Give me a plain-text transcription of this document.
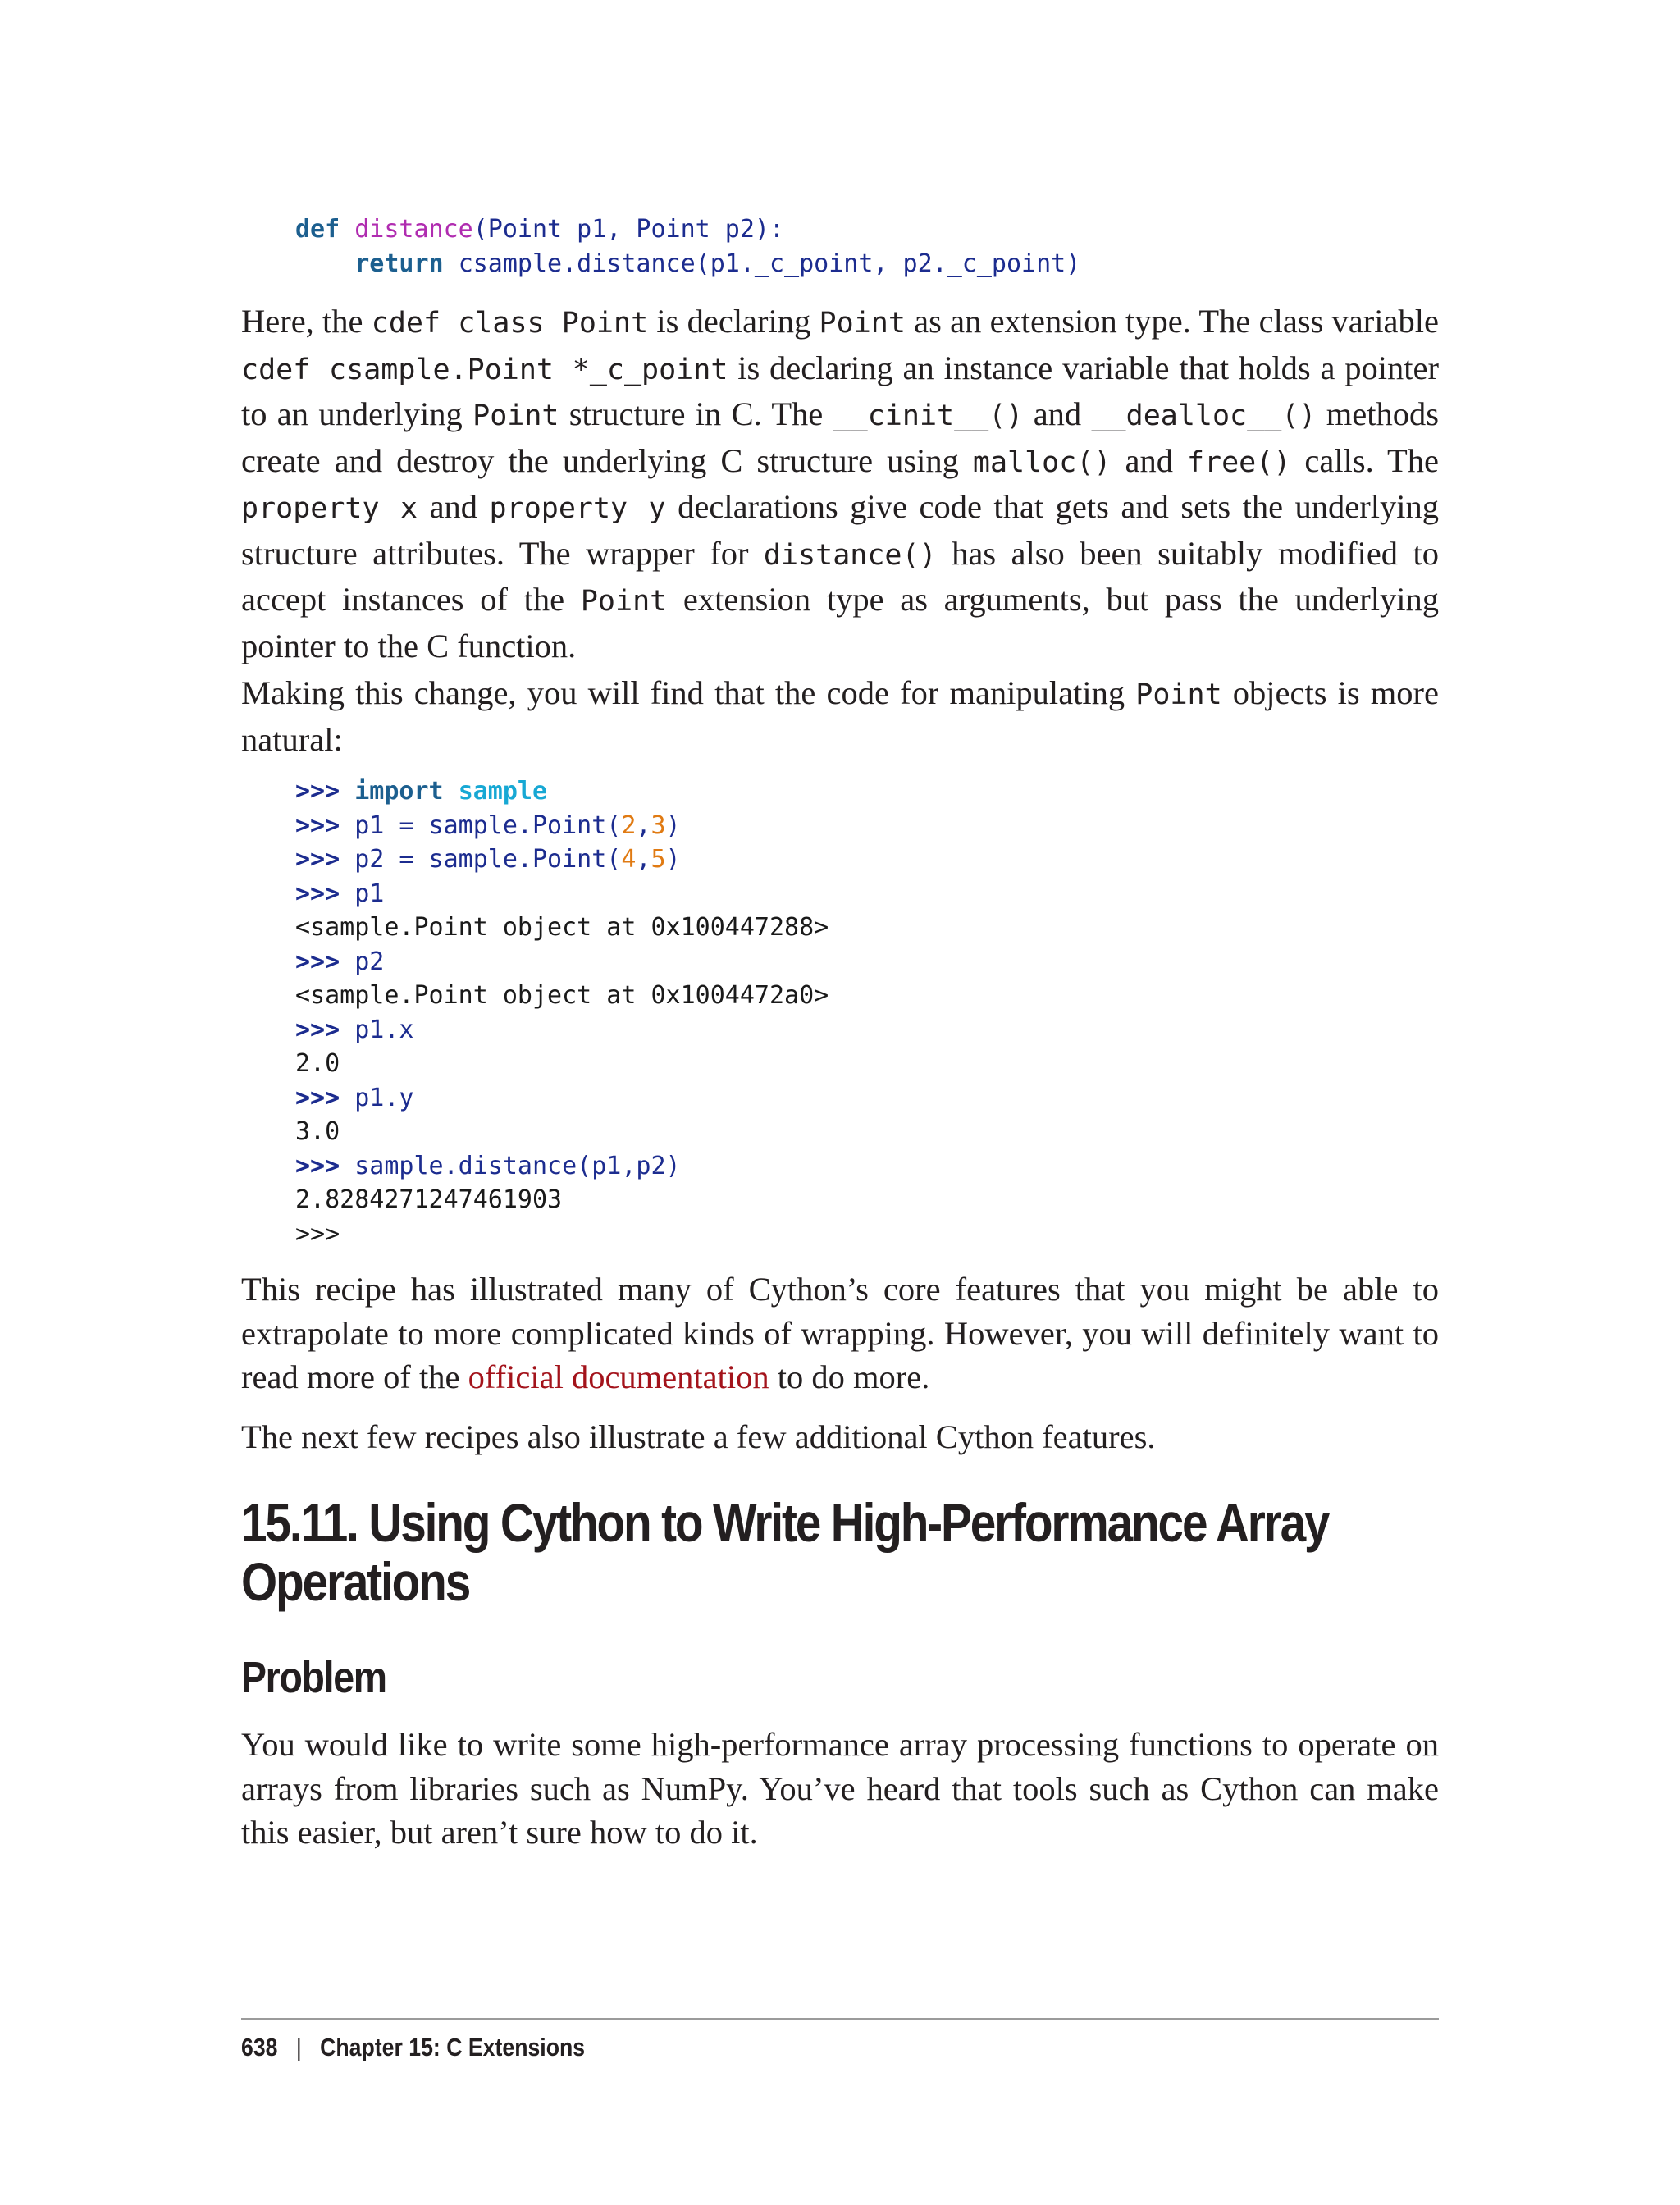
def distance(Point p1, Point p2):
return csample.distance(p1._c_point, p2._c_point)

Here, the cdef class Point is declaring Point as an extension type. The class variable cdef csample.Point *_c_point is declaring an instance variable that holds a pointer to an underlying Point structure in C. The __cinit__() and __dealloc__() methods create and destroy the underlying C structure using malloc() and free() calls. The property x and property y declarations give code that gets and sets the underlying structure attributes. The wrapper for distance() has also been suitably modified to accept instances of the Point extension type as arguments, but pass the underlying pointer to the C function.

Making this change, you will find that the code for manipulating Point objects is more natural:

>>> import sample
>>> p1 = sample.Point(2,3)
>>> p2 = sample.Point(4,5)
>>> p1
<sample.Point object at 0x100447288>
>>> p2
<sample.Point object at 0x1004472a0>
>>> p1.x
2.0
>>> p1.y
3.0
>>> sample.distance(p1,p2)
2.8284271247461903
>>>

This recipe has illustrated many of Cython’s core features that you might be able to extrapolate to more complicated kinds of wrapping. However, you will definitely want to read more of the official documentation to do more.

The next few recipes also illustrate a few additional Cython features.

15.11. Using Cython to Write High-Performance Array Operations
Problem

You would like to write some high-performance array processing functions to operate on arrays from libraries such as NumPy. You’ve heard that tools such as Cython can make this easier, but aren’t sure how to do it.

638 | Chapter 15: C Extensions
